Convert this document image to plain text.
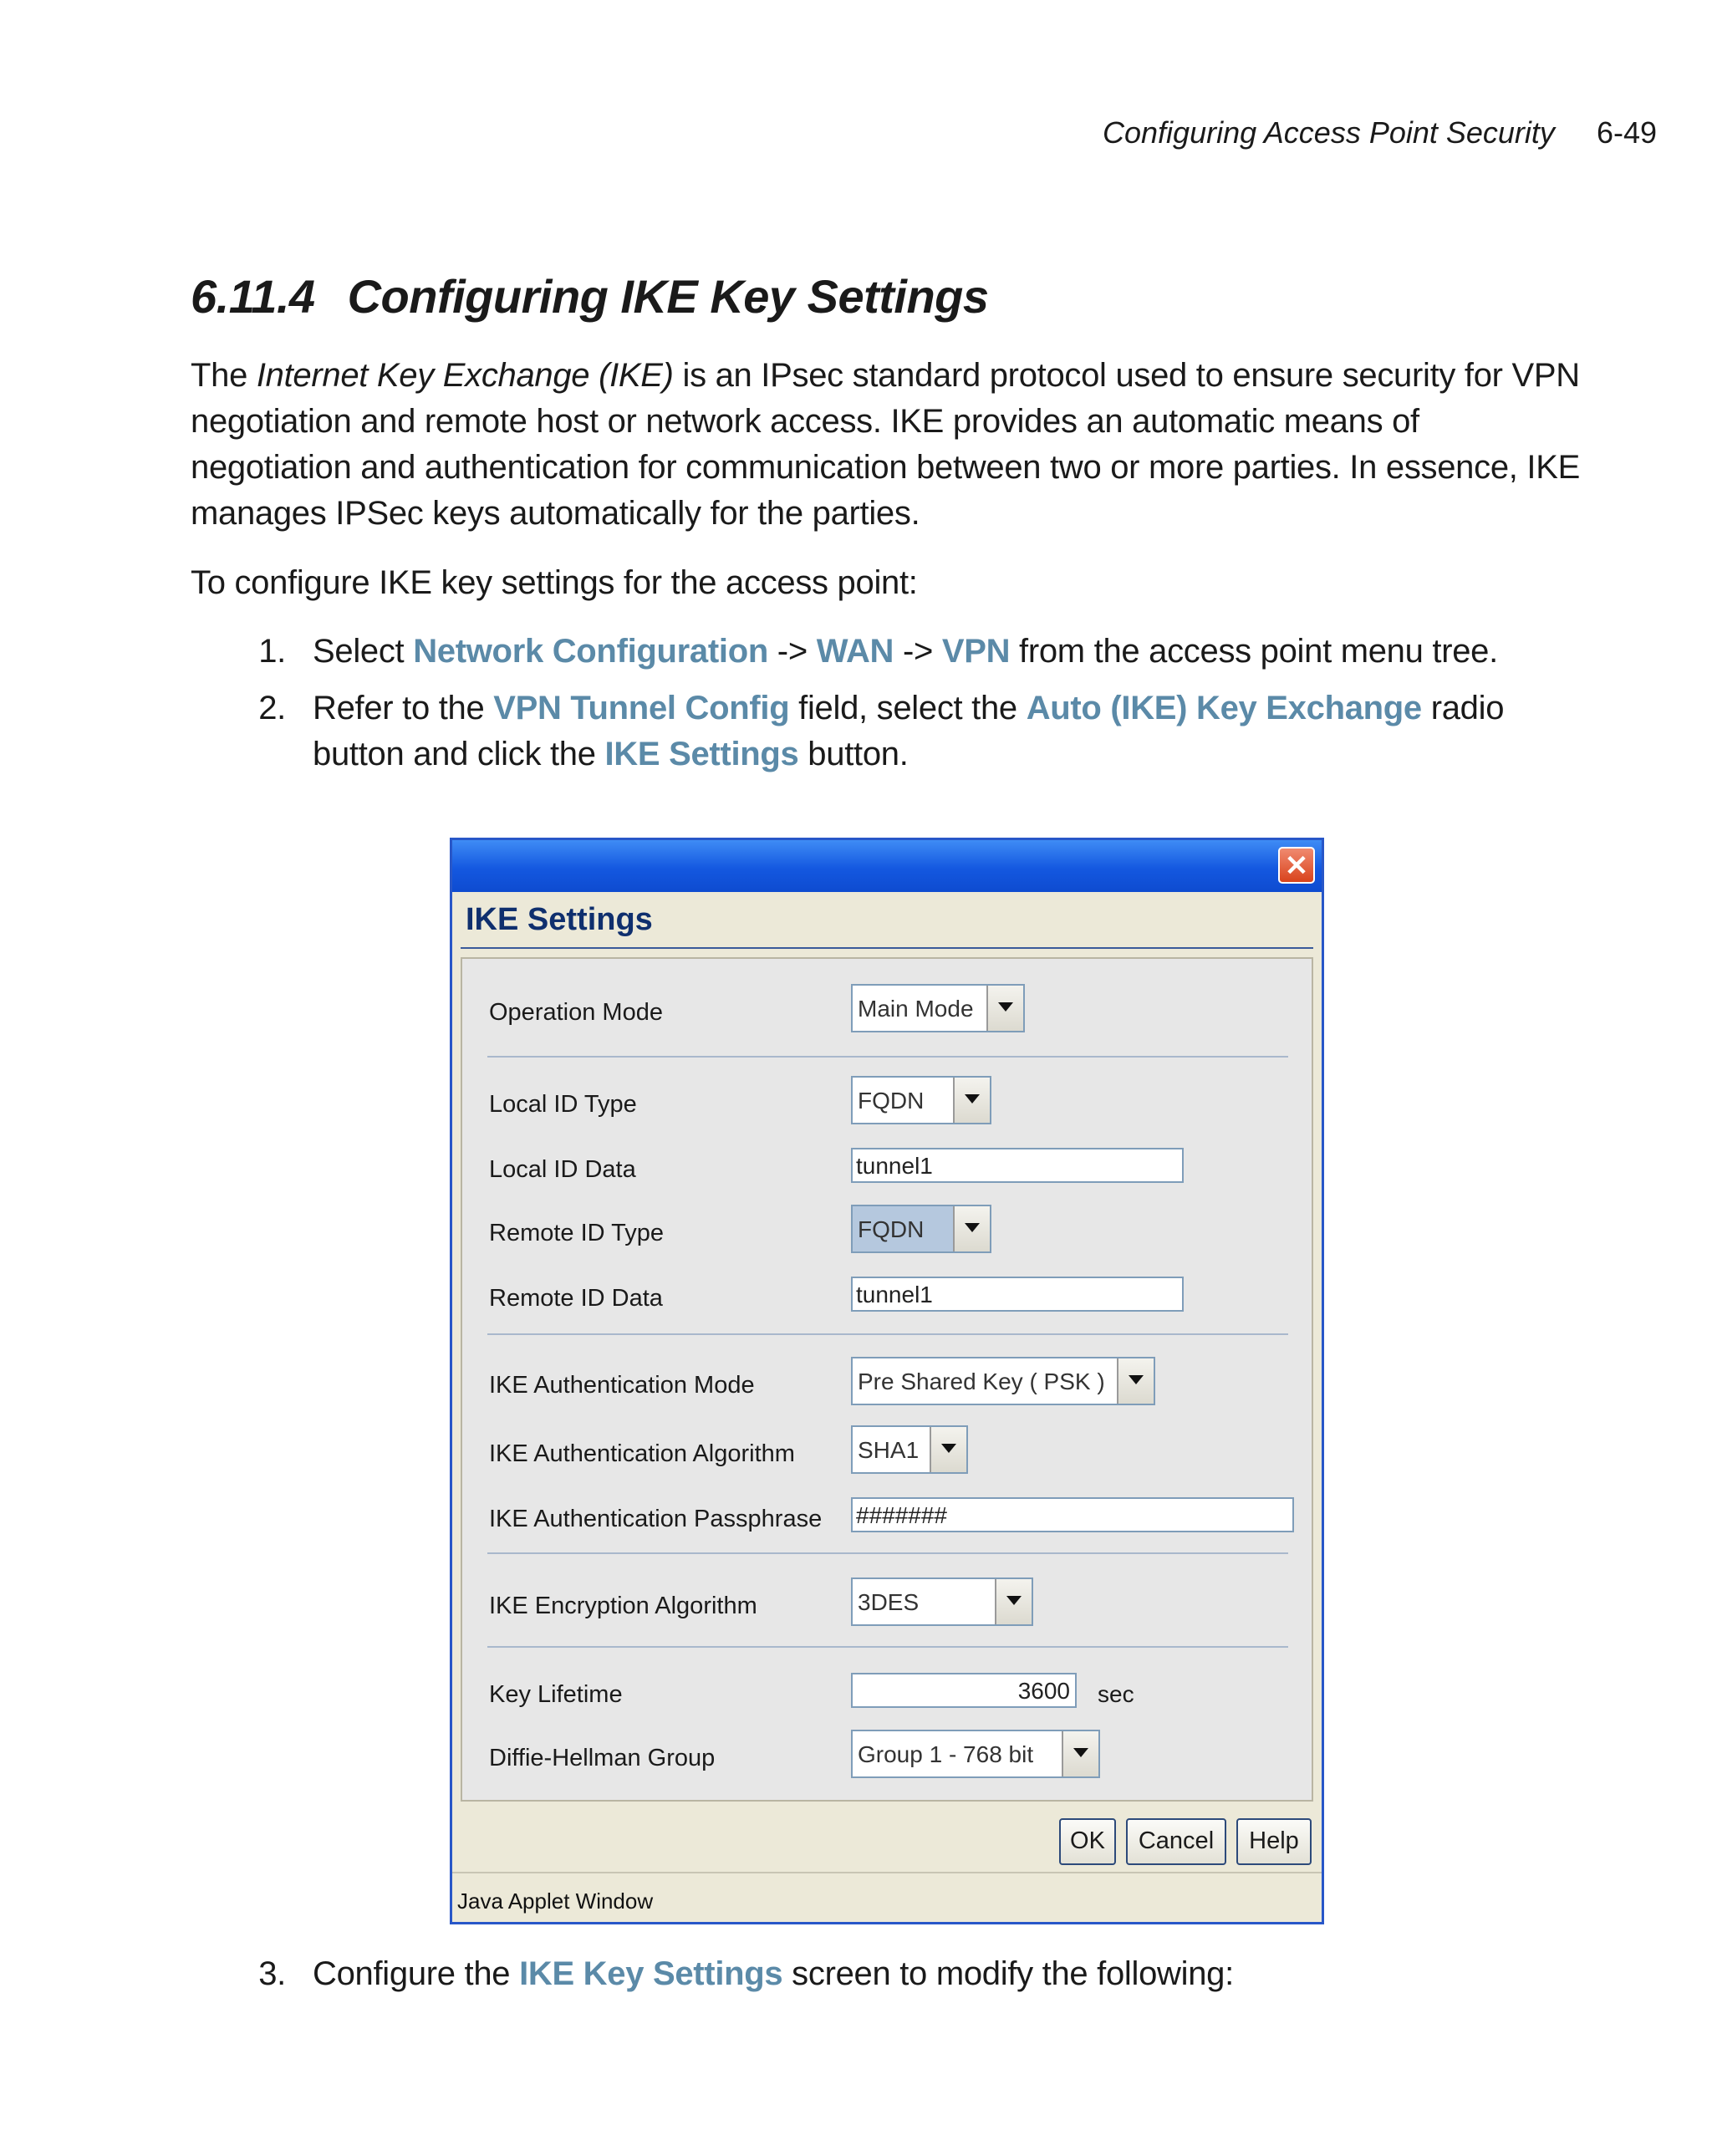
Configuring Access Point Security 6-49
6.11.4 Configuring IKE Key Settings
The Internet Key Exchange (IKE) is an IPsec standard protocol used to ensure security for VPN negotiation and remote host or network access. IKE provides an automatic means of negotiation and authentication for communication between two or more parties. In essence, IKE manages IPSec keys automatically for the parties.
To configure IKE key settings for the access point:
1. Select Network Configuration -> WAN -> VPN from the access point menu tree.
2. Refer to the VPN Tunnel Config field, select the Auto (IKE) Key Exchange radio button and click the IKE Settings button.
✕
IKE Settings
Operation Mode	Main Mode
Local ID Type	FQDN
Local ID Data	tunnel1
Remote ID Type	FQDN
Remote ID Data	tunnel1
IKE Authentication Mode	Pre Shared Key ( PSK )
IKE Authentication Algorithm	SHA1
IKE Authentication Passphrase #######
IKE Encryption Algorithm	3DES
Key Lifetime	3600 sec
Diffie-Hellman Group	Group 1 - 768 bit
OK	Cancel	Help
Java Applet Window
3. Configure the IKE Key Settings screen to modify the following:
